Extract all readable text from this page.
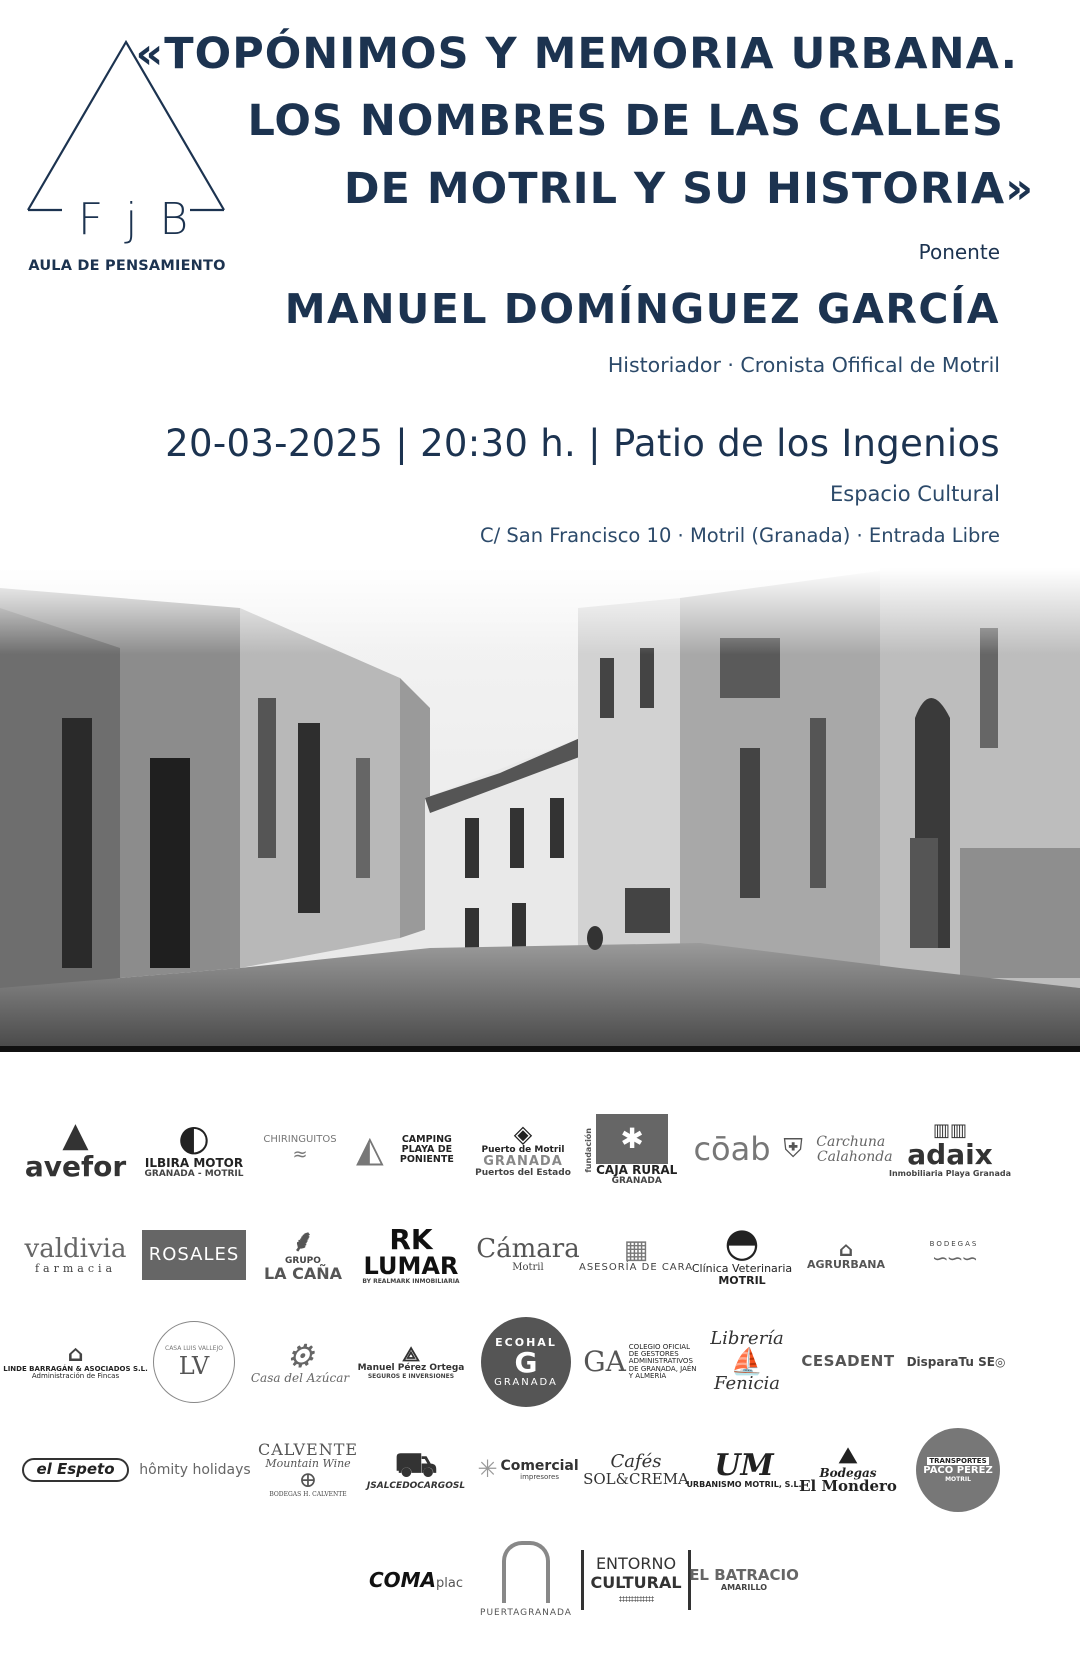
FjB
AULA DE PENSAMIENTO
«TOPÓNIMOS Y MEMORIA URBANA.
LOS NOMBRES DE LAS CALLES
DE MOTRIL Y SU HISTORIA»
Ponente
MANUEL DOMÍNGUEZ GARCÍA
Historiador · Cronista Ofifical de Motril
20-03-2025 | 20:30 h. | Patio de los Ingenios
Espacio Cultural
C/ San Francisco 10 · Motril (Granada) · Entrada Libre
▲
avefor
◐
ILBIRA MOTOR
GRANADA - MOTRIL
CHIRINGUITOS
≈	◭	CAMPING PLAYA DE PONIENTE
◈
Puerto de Motril
GRANADA
Puertos del Estado
fundación ✱
CAJA RURAL
GRANADA
cōab ⛨ Carchuna
Calahonda
▥▥
adaix
Inmobiliaria Playa Granada
valdivia
farmacia
ROSALES	⸙
GRUPO
LA CAÑA
RK
LUMAR
BY REALMARK INMOBILIARIA
Cámara
Motril
▦
ASESORÍA DE CARA
◓
Clínica Veterinaria
MOTRIL
⌂
AGRURBANA
BODEGAS
∽∽∽
⌂
LINDE BARRAGÁN & ASOCIADOS S.L.
Administración de Fincas
CASA LUIS VALLEJO
LV	⚙
Casa del Azúcar
⟁
Manuel Pérez Ortega
SEGUROS E INVERSIONES
ECOHAL
G
GRANADA
GA COLEGIO OFICIAL DE GESTORES ADMINISTRATIVOS DE GRANADA, JAÉN Y ALMERÍA
Librería
⛵
Fenicia
CESADENT DisparaTu SE◎
el Espeto	hômity holidays
CALVENTE
Mountain Wine
⊕
BODEGAS H. CALVENTE
⛟
JSALCEDOCARGOSL
✳ Comercial
impresores
Cafés
SOL&CREMA UM
URBANISMO MOTRIL, S.L.
⛰
Bodegas
El Mondero
TRANSPORTES
PACO PEREZ
MOTRIL
COMAplac
PUERTAGRANADA
ENTORNO
CULTURAL
⌗⌗⌗⌗⌗⌗
EL BATRACIO
AMARILLO
